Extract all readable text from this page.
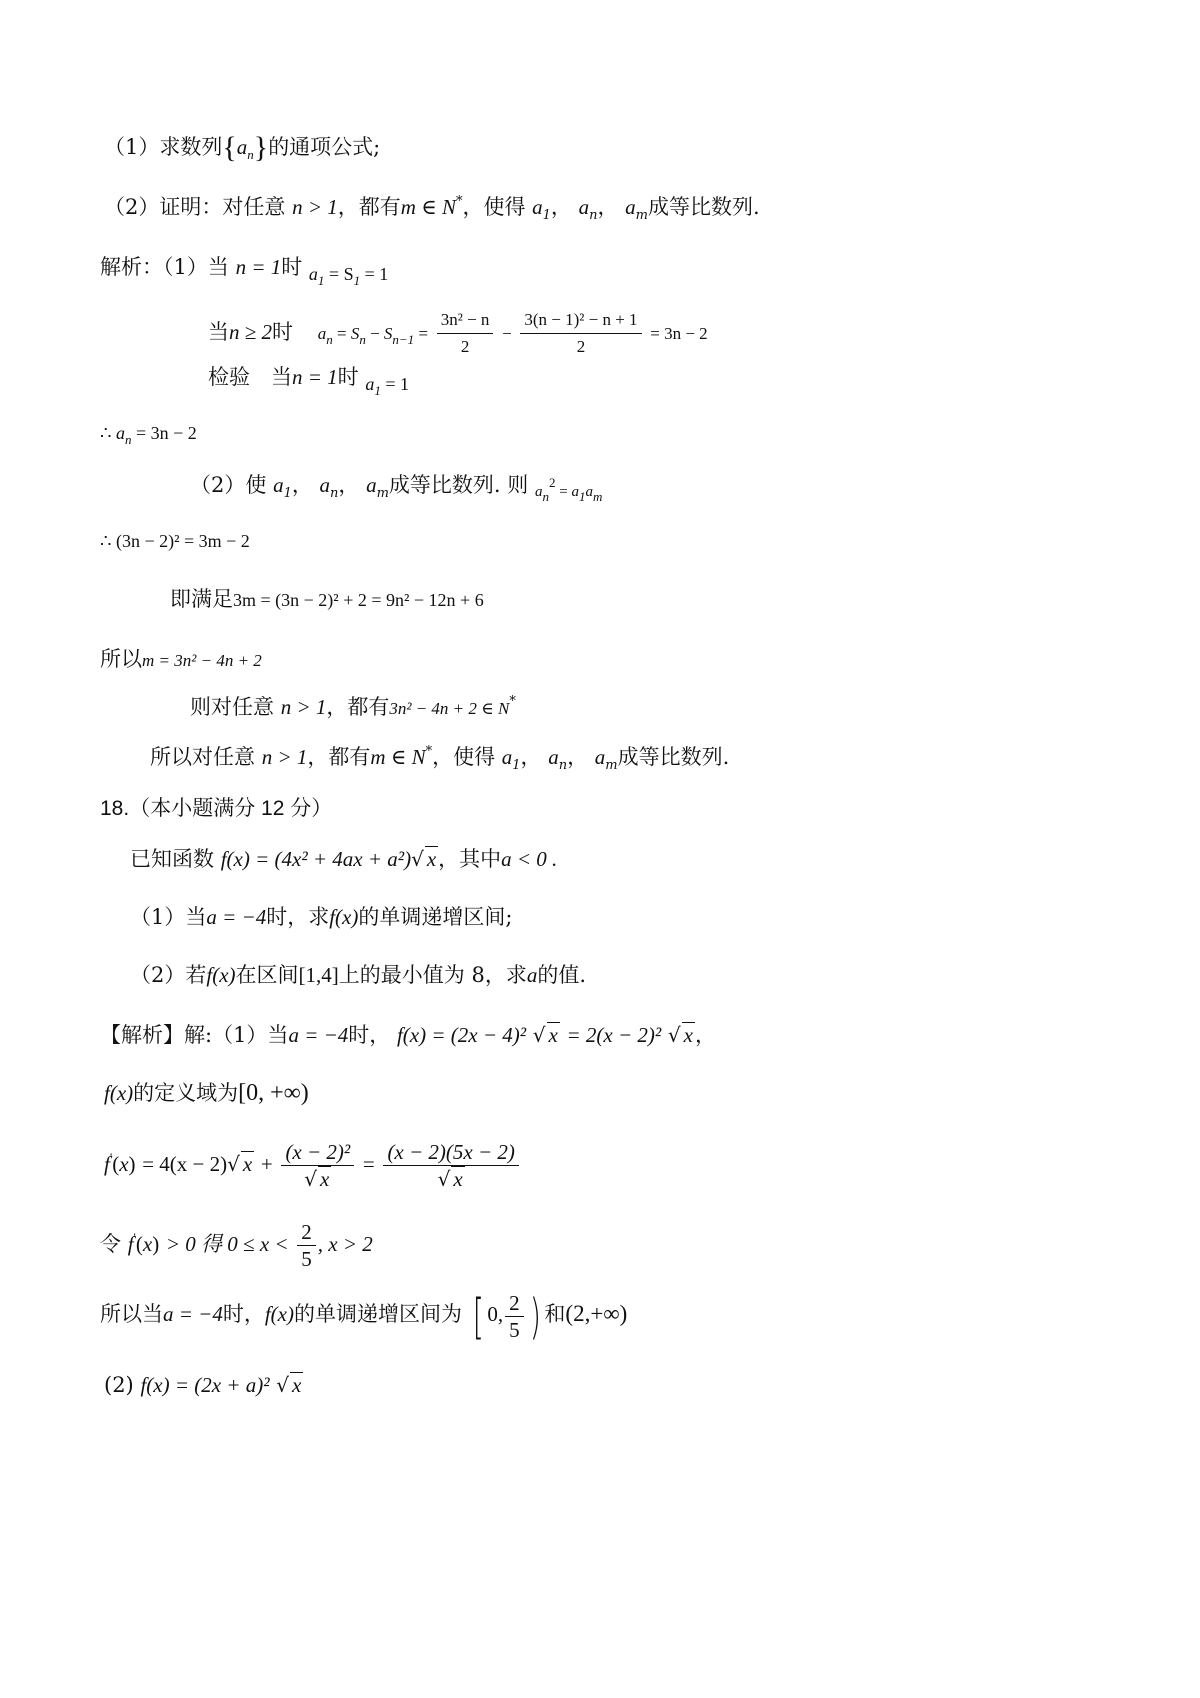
（1）求数列$\{a_n\}$的通项公式;
（2）证明：对任意 n > 1，都有m ∈ N*，使得 $a_1$， $a_n$， $a_m$成等比数列.
解析：（1）当 n = 1时 $a_1 = S_1 = 1$
当n ≥ 2时 $a_n = S_n - S_{n-1} = \frac{\text{3n² − n}}{2} - \frac{\text{3(n − 1)² − n + 1}}{2} = 3n - 2$
检验　当n = 1时 $a_1 = 1$
∴ $a_n = 3n - 2$
（2）使 $a_1$， $a_n$， $a_m$成等比数列. 则 $a_n^2 = a_1a_m$
∴ (3n − 2)² = 3m − 2
即满足3m = (3n − 2)² + 2 = 9n² − 12n + 6
所以m = 3n² − 4n + 2
则对任意 n > 1，都有3n² − 4n + 2 ∈ N*
所以对任意 n > 1，都有m ∈ N*，使得 $a_1$， $a_n$， $a_m$成等比数列.
18.（本小题满分 12 分）
已知函数 f(x) = (4x² + 4ax + a²)√ x，其中a < 0 .
（1）当a = −4时，求f(x)的单调递增区间;
（2）若f(x)在区间[1,4]上的最小值为 8，求a的值.
【解析】解:（1）当a = −4时， f(x) = (2x − 4)² √ x = 2(x − 2)² √ x，
f(x)的定义域为[0, +∞)
f'(x) = 4(x − 2)√ $x + \frac{\text{(x − 2)²}}{√ x} = \frac{(x - 2)(5x - 2)}{√ x}$
令 f'(x) > 0 得 $0 \le x < \frac{2}{5}$ , x > 2
所以当a = −4时，f(x)的单调递增区间为 [ 0, $\frac{2}{5}$ ) 和(2,+∞)
(2) f(x) = (2x + a)² √ x
